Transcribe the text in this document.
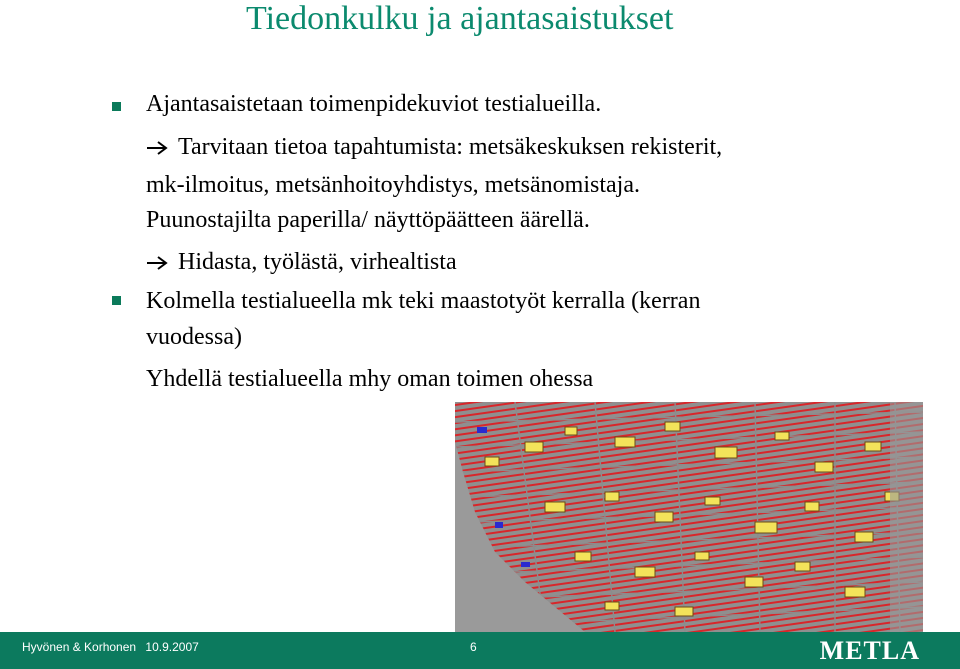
Tiedonkulku ja ajantasaistukset
Ajantasaistetaan toimenpidekuviot testialueilla.
Tarvitaan tietoa tapahtumista: metsäkeskuksen rekisterit,
mk-ilmoitus, metsänhoitoyhdistys, metsänomistaja.
Puunostajilta paperilla/ näyttöpäätteen äärellä.
Hidasta, työlästä, virhealtista
Kolmella testialueella mk teki maastotyöt kerralla (kerran
vuodessa)
Yhdellä testialueella mhy oman toimen ohessa
Hyvönen & Korhonen 10.9.2007	6	METLA
